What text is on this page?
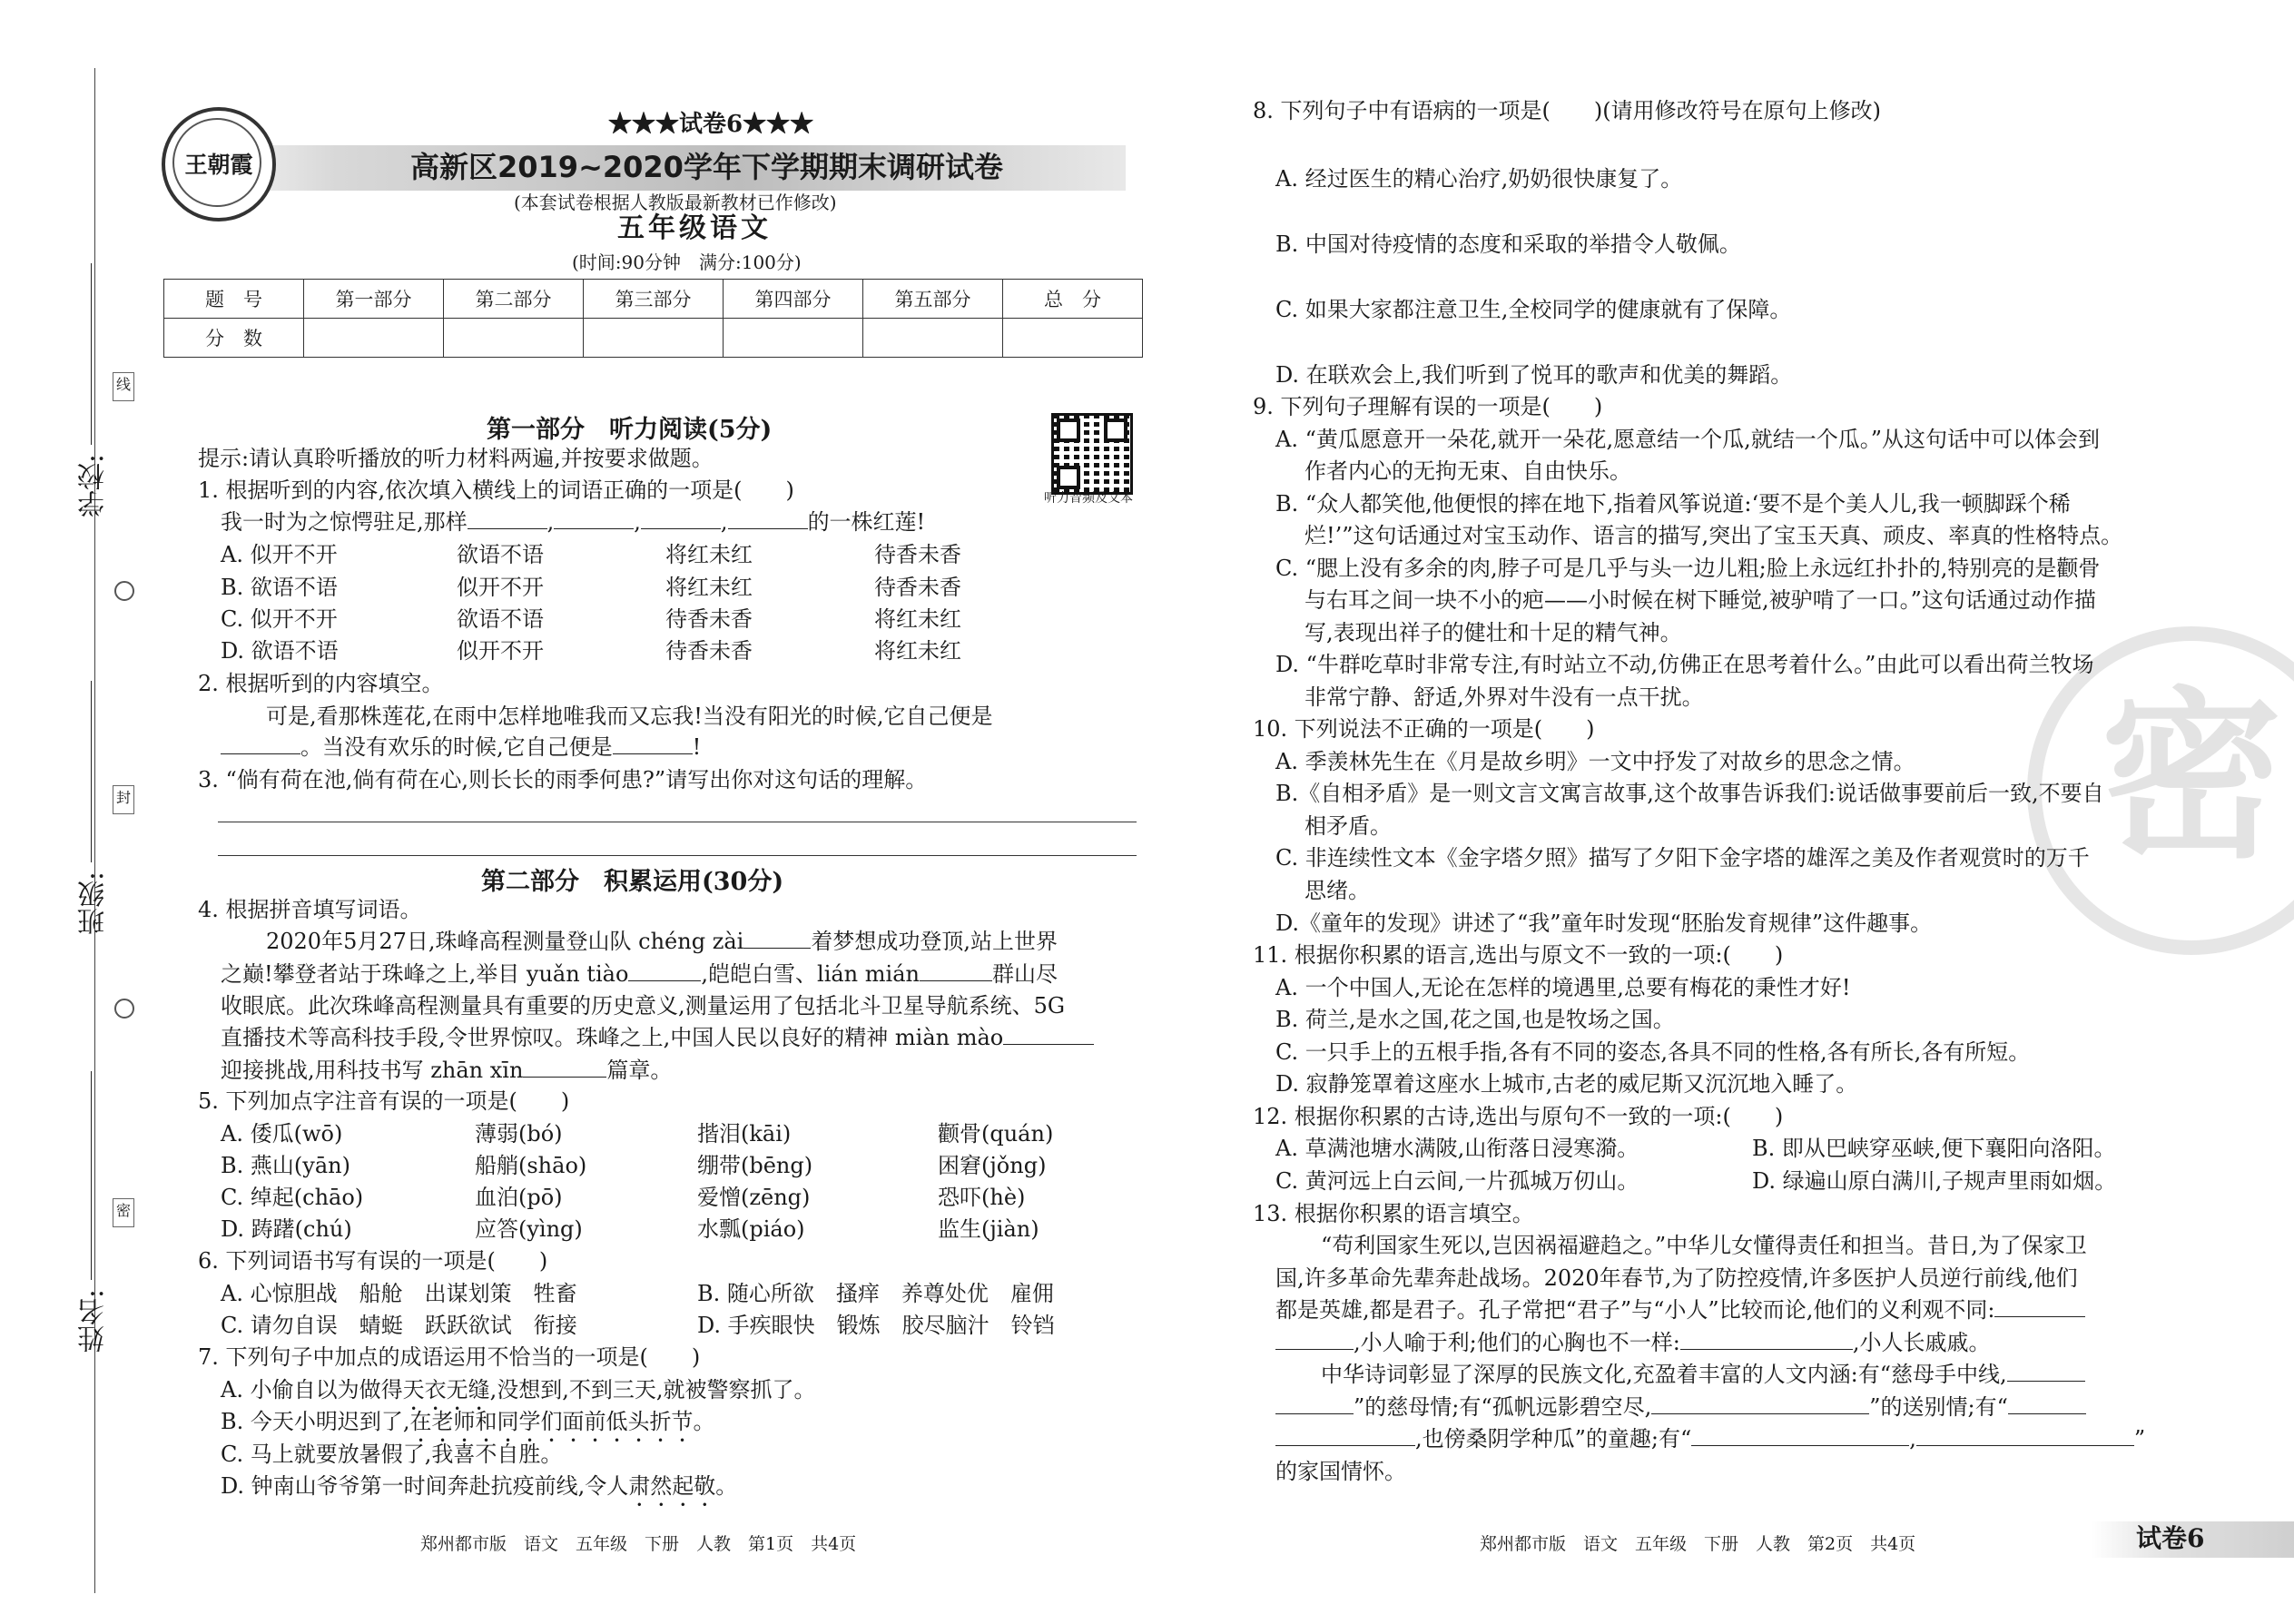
学校:
班级:
姓名:
线
封
密
王朝霞
★★★试卷6★★★
高新区2019~2020学年下学期期末调研试卷
(本套试卷根据人教版最新教材已作修改)
五年级语文
(时间:90分钟　满分:100分)
题　号	第一部分	第二部分	第三部分	第四部分	第五部分	总　分
分　数						
听力音频及文本
第一部分　听力阅读(5分)
提示:请认真聆听播放的听力材料两遍,并按要求做题。
1. 根据听到的内容,依次填入横线上的词语正确的一项是(　　)
我一时为之惊愕驻足,那样	,	,	,	的一株红莲!
A. 似开不开	欲语不语	将红未红	待香未香
B. 欲语不语	似开不开	将红未红	待香未香
C. 似开不开	欲语不语	待香未香	将红未红
D. 欲语不语	似开不开	待香未香	将红未红
2. 根据听到的内容填空。
可是,看那株莲花,在雨中怎样地唯我而又忘我!当没有阳光的时候,它自己便是
。当没有欢乐的时候,它自己便是	!
3. “倘有荷在池,倘有荷在心,则长长的雨季何患?”请写出你对这句话的理解。
第二部分　积累运用(30分)
4. 根据拼音填写词语。
2020年5月27日,珠峰高程测量登山队 chéng zài	着梦想成功登顶,站上世界
之巅!攀登者站于珠峰之上,举目 yuǎn tiào	,皑皑白雪、lián mián	群山尽
收眼底。此次珠峰高程测量具有重要的历史意义,测量运用了包括北斗卫星导航系统、5G
直播技术等高科技手段,令世界惊叹。珠峰之上,中国人民以良好的精神 miàn mào
迎接挑战,用科技书写 zhān xīn	篇章。
5. 下列加点字注音有误的一项是(　　)
A. 倭瓜(wō)	薄弱(bó)	揩泪(kāi)	颧骨(quán)
B. 燕山(yān)	船艄(shāo)	绷带(bēng)	困窘(jǒng)
C. 绰起(chāo)	血泊(pō)	爱憎(zēng)	恐吓(hè)
D. 踌躇(chú)	应答(yìng)	水瓢(piáo)	监生(jiàn)
6. 下列词语书写有误的一项是(　　)
A. 心惊胆战　船舱　出谋划策　牲畜	B. 随心所欲　搔痒　养尊处优　雇佣
C. 请勿自误　蜻蜓　跃跃欲试　衔接	D. 手疾眼快　锻炼　胶尽脑汁　铃铛
7. 下列句子中加点的成语运用不恰当的一项是(　　)
A. 小偷自以为做得天衣无缝,没想到,不到三天,就被警察抓了。
B. 今天小明迟到了,在老师和同学们面前低头折节。
C. 马上就要放暑假了,我喜不自胜。
D. 钟南山爷爷第一时间奔赴抗疫前线,令人肃然起敬。
郑州都市版　语文　五年级　下册　人教　第1页　共4页
密
8. 下列句子中有语病的一项是(　　)(请用修改符号在原句上修改)
A. 经过医生的精心治疗,奶奶很快康复了。
B. 中国对待疫情的态度和采取的举措令人敬佩。
C. 如果大家都注意卫生,全校同学的健康就有了保障。
D. 在联欢会上,我们听到了悦耳的歌声和优美的舞蹈。
9. 下列句子理解有误的一项是(　　)
A. “黄瓜愿意开一朵花,就开一朵花,愿意结一个瓜,就结一个瓜。”从这句话中可以体会到
作者内心的无拘无束、自由快乐。
B. “众人都笑他,他便恨的摔在地下,指着风筝说道:‘要不是个美人儿,我一顿脚踩个稀
烂!’”这句话通过对宝玉动作、语言的描写,突出了宝玉天真、顽皮、率真的性格特点。
C. “腮上没有多余的肉,脖子可是几乎与头一边儿粗;脸上永远红扑扑的,特别亮的是颧骨
与右耳之间一块不小的疤——小时候在树下睡觉,被驴啃了一口。”这句话通过动作描
写,表现出祥子的健壮和十足的精气神。
D. “牛群吃草时非常专注,有时站立不动,仿佛正在思考着什么。”由此可以看出荷兰牧场
非常宁静、舒适,外界对牛没有一点干扰。
10. 下列说法不正确的一项是(　　)
A. 季羡林先生在《月是故乡明》一文中抒发了对故乡的思念之情。
B.《自相矛盾》是一则文言文寓言故事,这个故事告诉我们:说话做事要前后一致,不要自
相矛盾。
C. 非连续性文本《金字塔夕照》描写了夕阳下金字塔的雄浑之美及作者观赏时的万千
思绪。
D.《童年的发现》讲述了“我”童年时发现“胚胎发育规律”这件趣事。
11. 根据你积累的语言,选出与原文不一致的一项:(　　)
A. 一个中国人,无论在怎样的境遇里,总要有梅花的秉性才好!
B. 荷兰,是水之国,花之国,也是牧场之国。
C. 一只手上的五根手指,各有不同的姿态,各具不同的性格,各有所长,各有所短。
D. 寂静笼罩着这座水上城市,古老的威尼斯又沉沉地入睡了。
12. 根据你积累的古诗,选出与原句不一致的一项:(　　)
A. 草满池塘水满陂,山衔落日浸寒漪。	B. 即从巴峡穿巫峡,便下襄阳向洛阳。
C. 黄河远上白云间,一片孤城万仞山。	D. 绿遍山原白满川,子规声里雨如烟。
13. 根据你积累的语言填空。
“苟利国家生死以,岂因祸福避趋之。”中华儿女懂得责任和担当。昔日,为了保家卫
国,许多革命先辈奔赴战场。2020年春节,为了防控疫情,许多医护人员逆行前线,他们
都是英雄,都是君子。孔子常把“君子”与“小人”比较而论,他们的义利观不同:
,小人喻于利;他们的心胸也不一样:	,小人长戚戚。
中华诗词彰显了深厚的民族文化,充盈着丰富的人文内涵:有“慈母手中线,
”的慈母情;有“孤帆远影碧空尽,	”的送别情;有“
,也傍桑阴学种瓜”的童趣;有“	,	”
的家国情怀。
郑州都市版　语文　五年级　下册　人教　第2页　共4页	试卷6
